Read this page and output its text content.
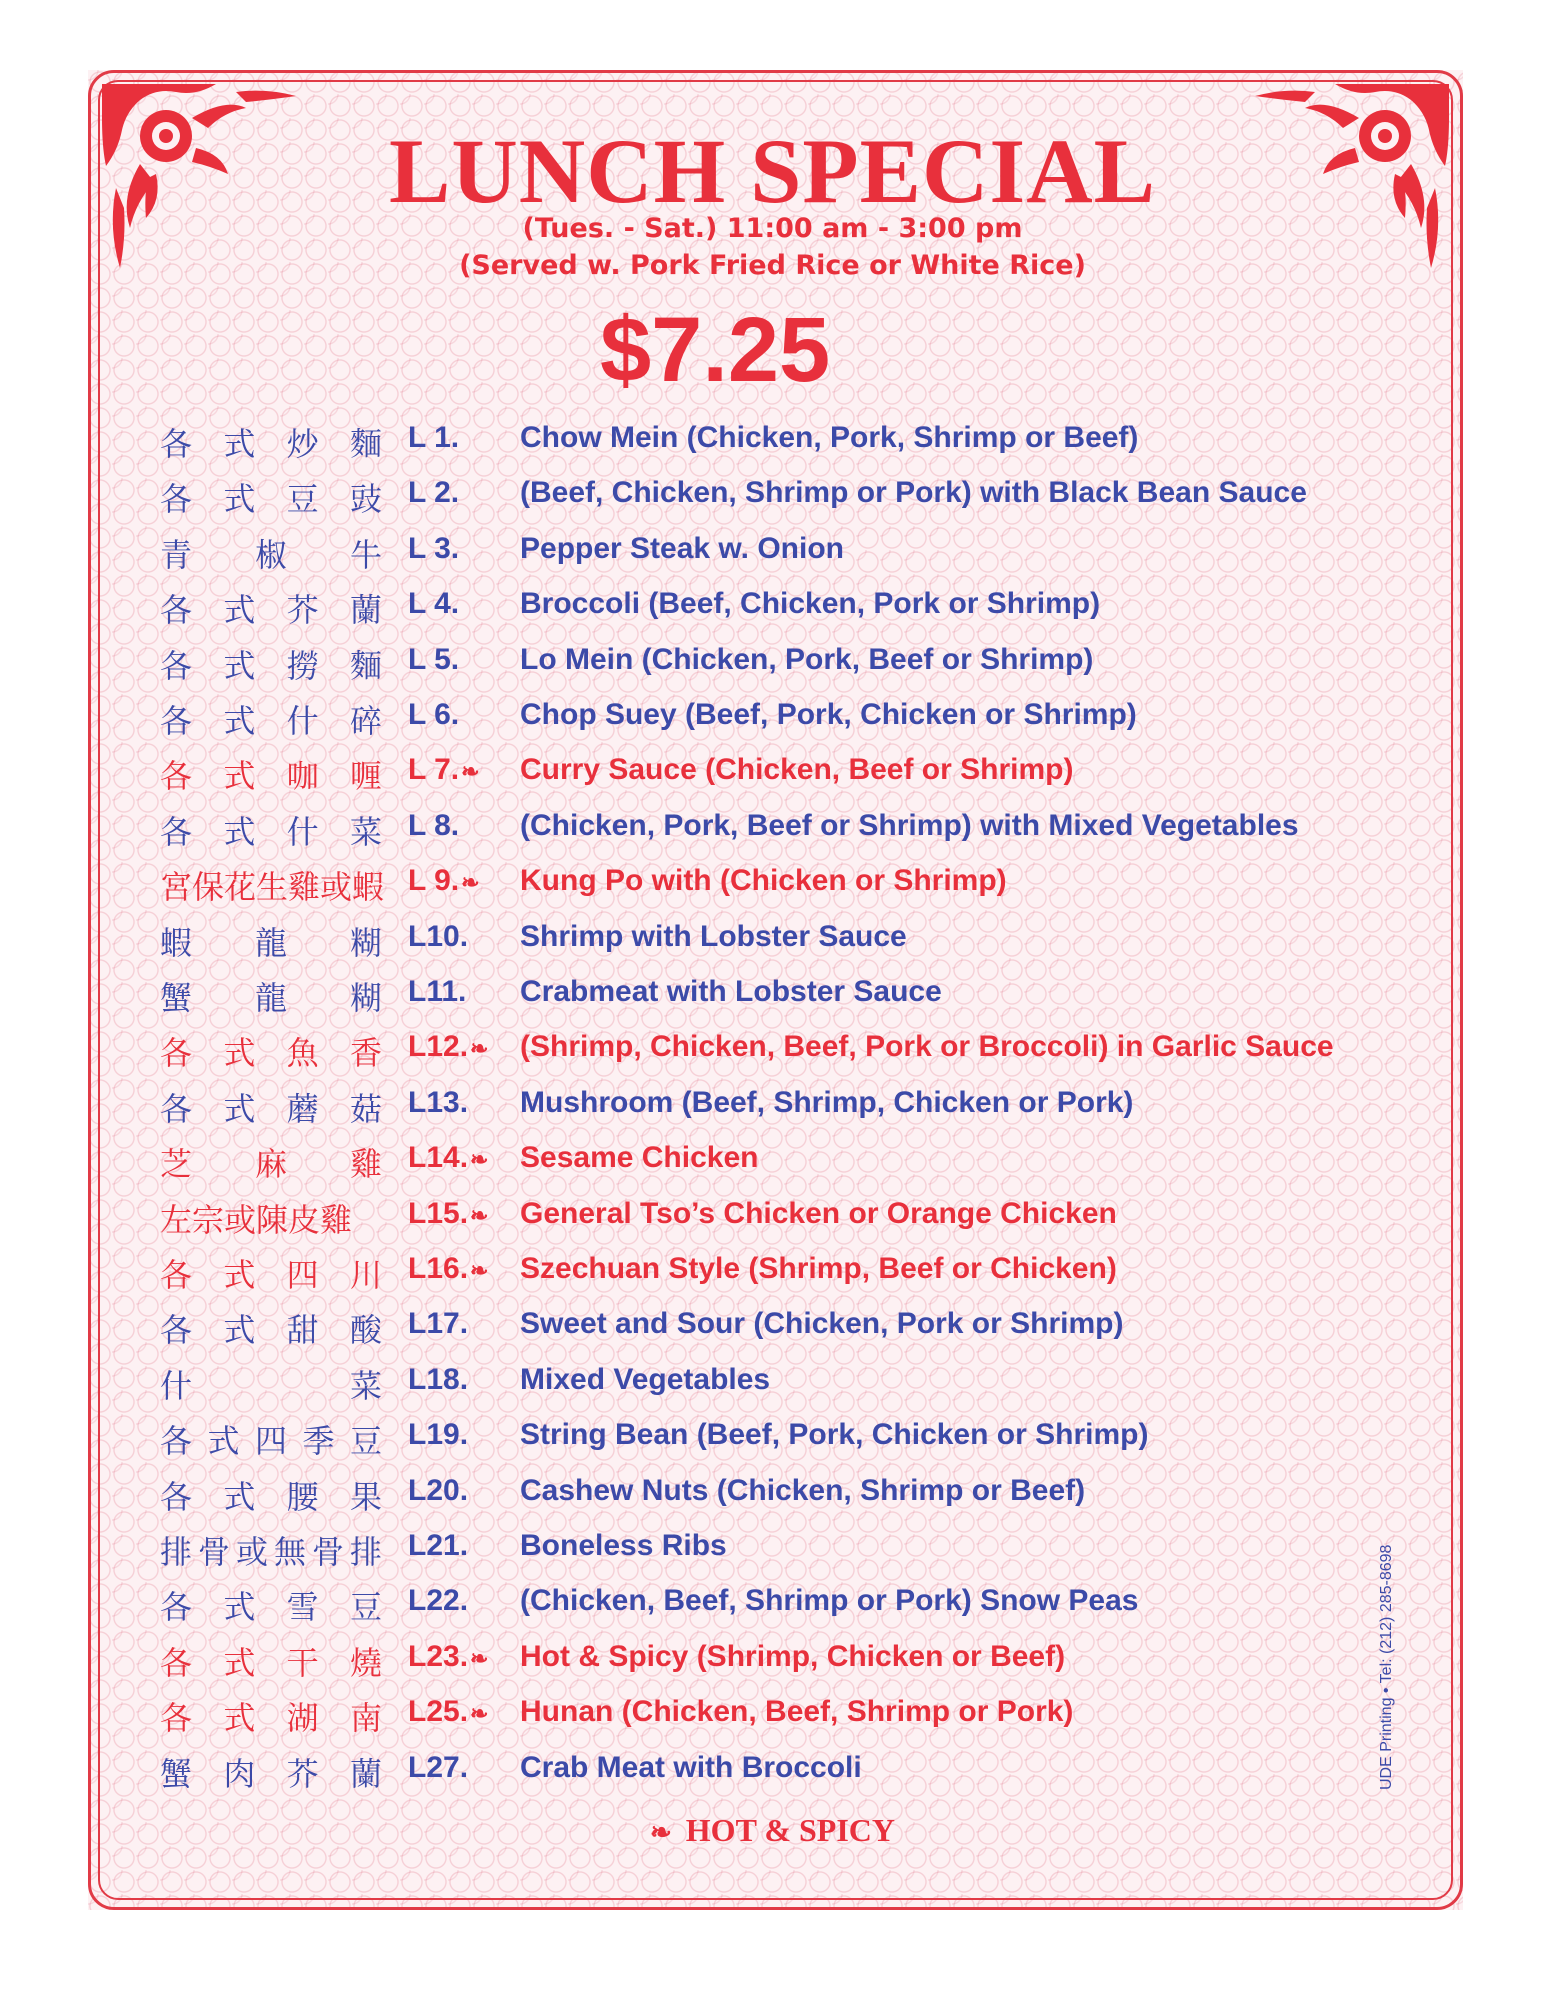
LUNCH SPECIAL
(Tues. - Sat.) 11:00 am - 3:00 pm
(Served w. Pork Fried Rice or White Rice)
$7.25
各 式 炒 麵 L 1. Chow Mein (Chicken, Pork, Shrimp or Beef)
各 式 豆 豉 L 2. (Beef, Chicken, Shrimp or Pork) with Black Bean Sauce
青 椒 牛 L 3. Pepper Steak w. Onion
各 式 芥 蘭 L 4. Broccoli (Beef, Chicken, Pork or Shrimp)
各 式 撈 麵 L 5. Lo Mein (Chicken, Pork, Beef or Shrimp)
各 式 什 碎 L 6. Chop Suey (Beef, Pork, Chicken or Shrimp)
各 式 咖 喱 L 7.❧ Curry Sauce (Chicken, Beef or Shrimp)
各 式 什 菜 L 8. (Chicken, Pork, Beef or Shrimp) with Mixed Vegetables
宮保花生雞或蝦 L 9.❧ Kung Po with (Chicken or Shrimp)
蝦 龍 糊 L10. Shrimp with Lobster Sauce
蟹 龍 糊 L11. Crabmeat with Lobster Sauce
各 式 魚 香 L12.❧ (Shrimp, Chicken, Beef, Pork or Broccoli) in Garlic Sauce
各 式 蘑 菇 L13. Mushroom (Beef, Shrimp, Chicken or Pork)
芝 麻 雞 L14.❧ Sesame Chicken
左宗或陳皮雞 L15.❧ General Tso’s Chicken or Orange Chicken
各 式 四 川 L16.❧ Szechuan Style (Shrimp, Beef or Chicken)
各 式 甜 酸 L17. Sweet and Sour (Chicken, Pork or Shrimp)
什	菜 L18. Mixed Vegetables
各 式 四 季 豆 L19. String Bean (Beef, Pork, Chicken or Shrimp)
各 式 腰 果 L20. Cashew Nuts (Chicken, Shrimp or Beef)
排 骨 或 無 骨 排 L21. Boneless Ribs
各 式 雪 豆 L22. (Chicken, Beef, Shrimp or Pork) Snow Peas
各 式 干 燒 L23.❧ Hot & Spicy (Shrimp, Chicken or Beef)
各 式 湖 南 L25.❧ Hunan (Chicken, Beef, Shrimp or Pork)
蟹 肉 芥 蘭 L27. Crab Meat with Broccoli
❧ HOT & SPICY
UDE Printing • Tel: (212) 285-8698
